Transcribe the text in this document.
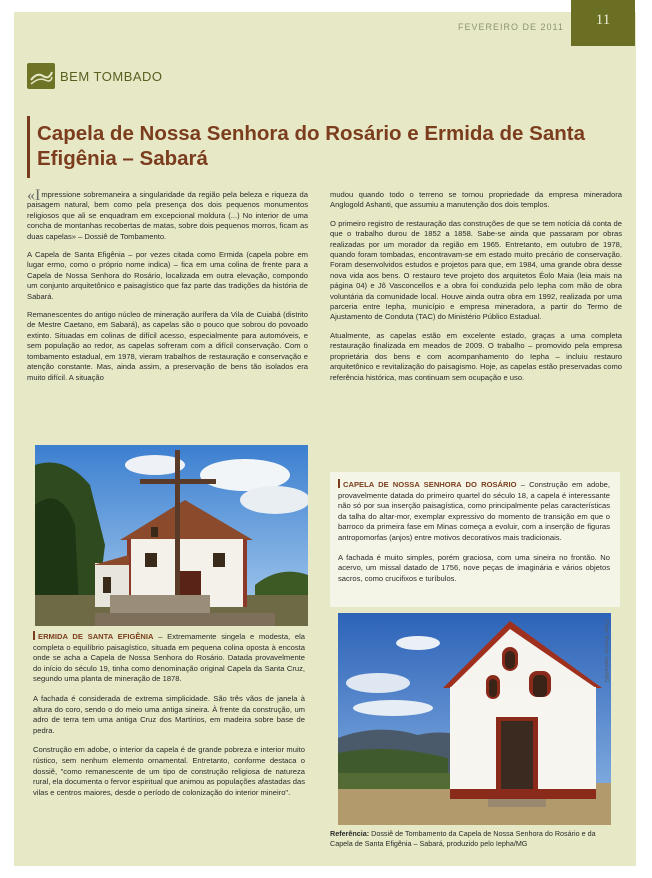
FEVEREIRO DE 2011	11
BEM TOMBADO
Capela de Nossa Senhora do Rosário e Ermida de Santa Efigênia – Sabará

«Impressione sobremaneira a singularidade da região pela beleza e riqueza da paisagem natural, bem como pela presença dos dois pequenos monumentos religiosos que ali se enquadram em excepcional moldura (...) No interior de uma concha de montanhas recobertas de matas, sobre dois pequenos morros, ficam as duas capelas» – Dossiê de Tombamento.

A Capela de Santa Efigênia – por vezes citada como Ermida (capela pobre em lugar ermo, como o próprio nome indica) – fica em uma colina de frente para a Capela de Nossa Senhora do Rosário, localizada em outra elevação, compondo um conjunto arquitetônico e paisagístico que faz parte das tradições da história de Sabará.

Remanescentes do antigo núcleo de mineração aurífera da Vila de Cuiabá (distrito de Mestre Caetano, em Sabará), as capelas são o pouco que sobrou do povoado extinto. Situadas em colinas de difícil acesso, especialmente para automóveis, e sem população ao redor, as capelas sofreram com a difícil conservação. Com o tombamento estadual, em 1978, vieram trabalhos de restauração e conservação e atenção constante. Mas, ainda assim, a preservação de bens tão isolados era muito difícil. A situação

mudou quando todo o terreno se tornou propriedade da empresa mineradora Anglogold Ashanti, que assumiu a manutenção dos dois templos.

O primeiro registro de restauração das construções de que se tem notícia dá conta de que o trabalho durou de 1852 a 1858. Sabe-se ainda que passaram por obras realizadas por um morador da região em 1965. Entretanto, em outubro de 1978, quando foram tombadas, encontravam-se em estado muito precário de conservação. Foram desenvolvidos estudos e projetos para que, em 1984, uma grande obra desse nova vida aos bens. O restauro teve projeto dos arquitetos Éolo Maia (leia mais na página 04) e Jô Vasconcellos e a obra foi conduzida pelo Iepha com mão de obra voluntária da comunidade local. Houve ainda outra obra em 1992, realizada por uma parceria entre Iepha, município e empresa mineradora, a partir do Termo de Ajustamento de Conduta (TAC) do Ministério Público Estadual.

Atualmente, as capelas estão em excelente estado, graças a uma completa restauração finalizada em meados de 2009. O trabalho – promovido pela empresa proprietária dos bens e com acompanhamento do Iepha – incluiu restauro arquitetônico e revitalização do paisagismo. Hoje, as capelas estão preservadas como referência histórica, mas continuam sem ocupação e uso.

CAPELA DE NOSSA SENHORA DO ROSÁRIO – Construção em adobe, provavelmente datada do primeiro quartel do século 18, a capela é interessante não só por sua inserção paisagística, como principalmente pelas características da talha do altar-mor, exemplar expressivo do momento de transição em que o barroco da primeira fase em Minas começa a evoluir, com a inserção de figuras antropomorfas (anjos) entre motivos decorativos mais tradicionais.

A fachada é muito simples, porém graciosa, com uma sineira no frontão. No acervo, um missal datado de 1756, nove peças de imaginária e vários objetos sacros, como crucifixos e turíbulos.

Foto: Acervo Iepha/MG

ERMIDA DE SANTA EFIGÊNIA – Extremamente singela e modesta, ela completa o equilíbrio paisagístico, situada em pequena colina oposta à encosta onde se acha a Capela de Nossa Senhora do Rosário. Datada provavelmente do início do século 19, tinha como denominação original Capela da Santa Cruz, segundo uma planta de mineração de 1878.

A fachada é considerada de extrema simplicidade. São três vãos de janela à altura do coro, sendo o do meio uma antiga sineira. À frente da construção, um adro de terra tem uma antiga Cruz dos Martírios, em madeira sobre base de pedra.

Construção em adobe, o interior da capela é de grande pobreza e interior muito rústico, sem nenhum elemento ornamental. Entretanto, conforme destaca o dossiê, "como remanescente de um tipo de construção religiosa de natureza rural, ela documenta o fervor espiritual que animou as populações afastadas das vilas e centros maiores, desde o período de colonização do interior mineiro".

Referência: Dossiê de Tombamento da Capela de Nossa Senhora do Rosário e da Capela de Santa Efigênia – Sabará, produzido pelo Iepha/MG
